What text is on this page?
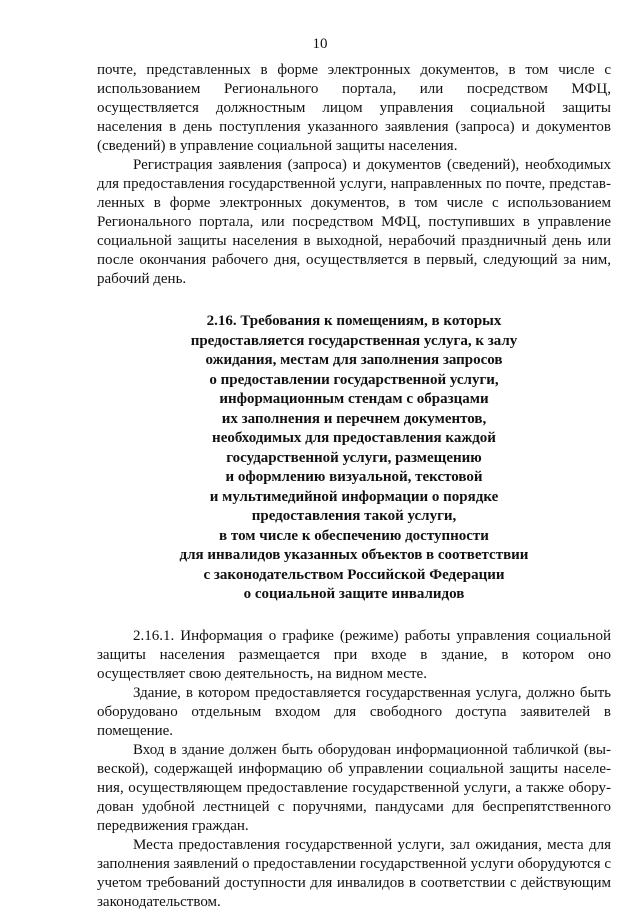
10

почте, представленных в форме электронных документов, в том числе с использованием Регионального портала, или посредством МФЦ, осуществляется должностным лицом управления социальной защиты населения в день поступления указанного заявления (запроса) и документов (сведений) в управление социальной защиты населения.

Регистрация заявления (запроса) и документов (сведений), необходимых для предоставления государственной услуги, направленных по почте, представленных в форме электронных документов, в том числе с использованием Регионального портала, или посредством МФЦ, поступивших в управление социальной защиты населения в выходной, нерабочий праздничный день или после окончания рабочего дня, осуществляется в первый, следующий за ним, рабочий день.

2.16. Требования к помещениям, в которых
предоставляется государственная услуга, к залу
ожидания, местам для заполнения запросов
о предоставлении государственной услуги,
информационным стендам с образцами
их заполнения и перечнем документов,
необходимых для предоставления каждой
государственной услуги, размещению
и оформлению визуальной, текстовой
и мультимедийной информации о порядке
предоставления такой услуги,
в том числе к обеспечению доступности
для инвалидов указанных объектов в соответствии
с законодательством Российской Федерации
о социальной защите инвалидов

2.16.1. Информация о графике (режиме) работы управления социальной защиты населения размещается при входе в здание, в котором оно осуществляет свою деятельность, на видном месте.

Здание, в котором предоставляется государственная услуга, должно быть оборудовано отдельным входом для свободного доступа заявителей в помещение.

Вход в здание должен быть оборудован информационной табличкой (вывеской), содержащей информацию об управлении социальной защиты населения, осуществляющем предоставление государственной услуги, а также оборудован удобной лестницей с поручнями, пандусами для беспрепятственного передвижения граждан.

Места предоставления государственной услуги, зал ожидания, места для заполнения заявлений о предоставлении государственной услуги оборудуются с учетом требований доступности для инвалидов в соответствии с действующим законодательством.
